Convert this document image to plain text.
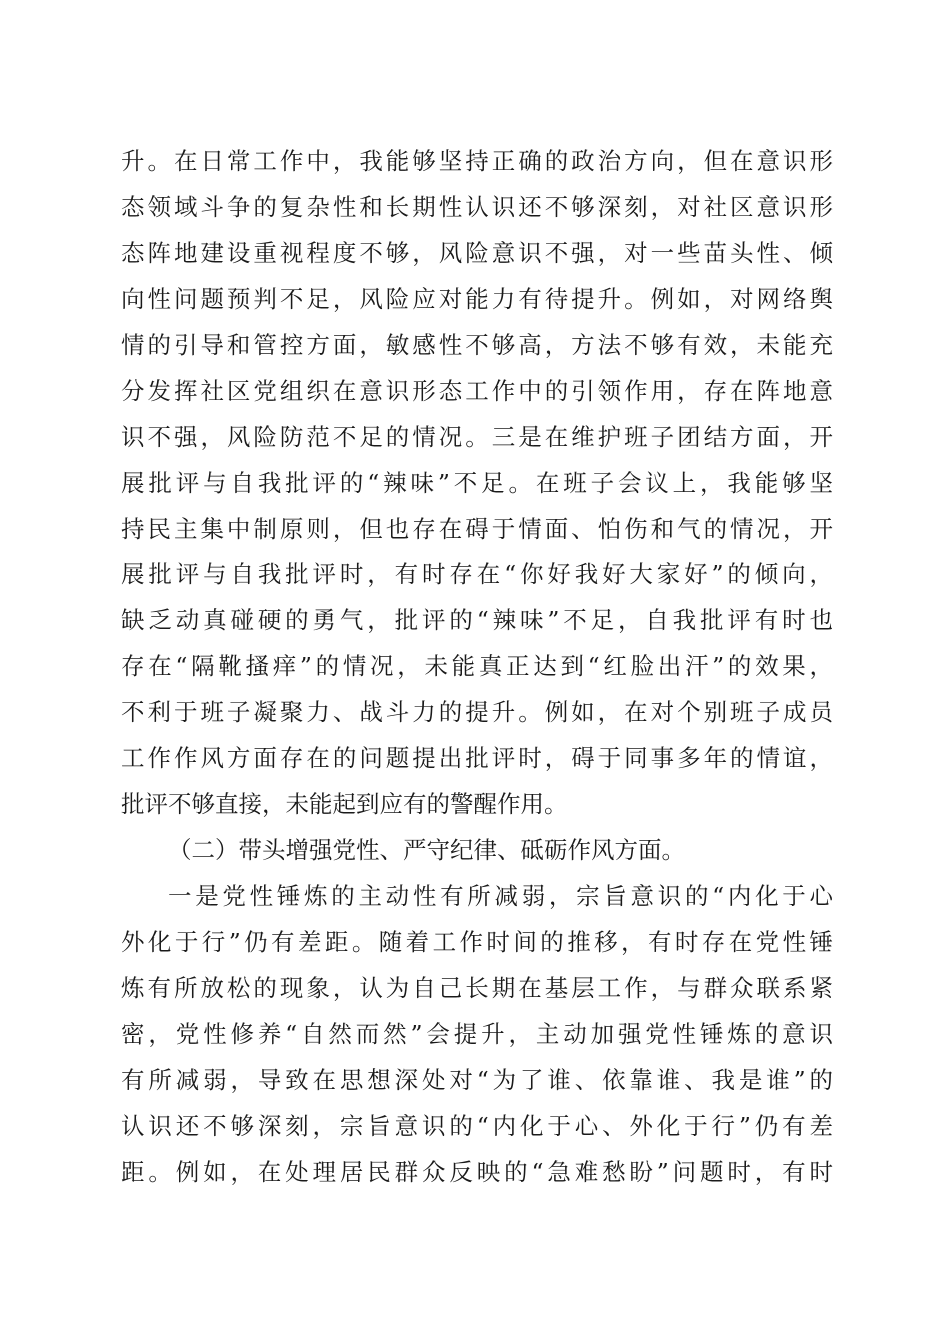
升。在日常工作中，我能够坚持正确的政治方向，但在意识形
态领域斗争的复杂性和长期性认识还不够深刻，对社区意识形
态阵地建设重视程度不够，风险意识不强，对一些苗头性、倾
向性问题预判不足，风险应对能力有待提升。例如，对网络舆
情的引导和管控方面，敏感性不够高，方法不够有效，未能充
分发挥社区党组织在意识形态工作中的引领作用，存在阵地意
识不强，风险防范不足的情况。三是在维护班子团结方面，开
展批评与自我批评的“辣味”不足。在班子会议上，我能够坚
持民主集中制原则，但也存在碍于情面、怕伤和气的情况，开
展批评与自我批评时，有时存在“你好我好大家好”的倾向，
缺乏动真碰硬的勇气，批评的“辣味”不足，自我批评有时也
存在“隔靴搔痒”的情况，未能真正达到“红脸出汗”的效果，
不利于班子凝聚力、战斗力的提升。例如，在对个别班子成员
工作作风方面存在的问题提出批评时，碍于同事多年的情谊，
批评不够直接，未能起到应有的警醒作用。
（二）带头增强党性、严守纪律、砥砺作风方面。
一是党性锤炼的主动性有所减弱，宗旨意识的“内化于心
外化于行”仍有差距。随着工作时间的推移，有时存在党性锤
炼有所放松的现象，认为自己长期在基层工作，与群众联系紧
密，党性修养“自然而然”会提升，主动加强党性锤炼的意识
有所减弱，导致在思想深处对“为了谁、依靠谁、我是谁”的
认识还不够深刻，宗旨意识的“内化于心、外化于行”仍有差
距。例如，在处理居民群众反映的“急难愁盼”问题时，有时
